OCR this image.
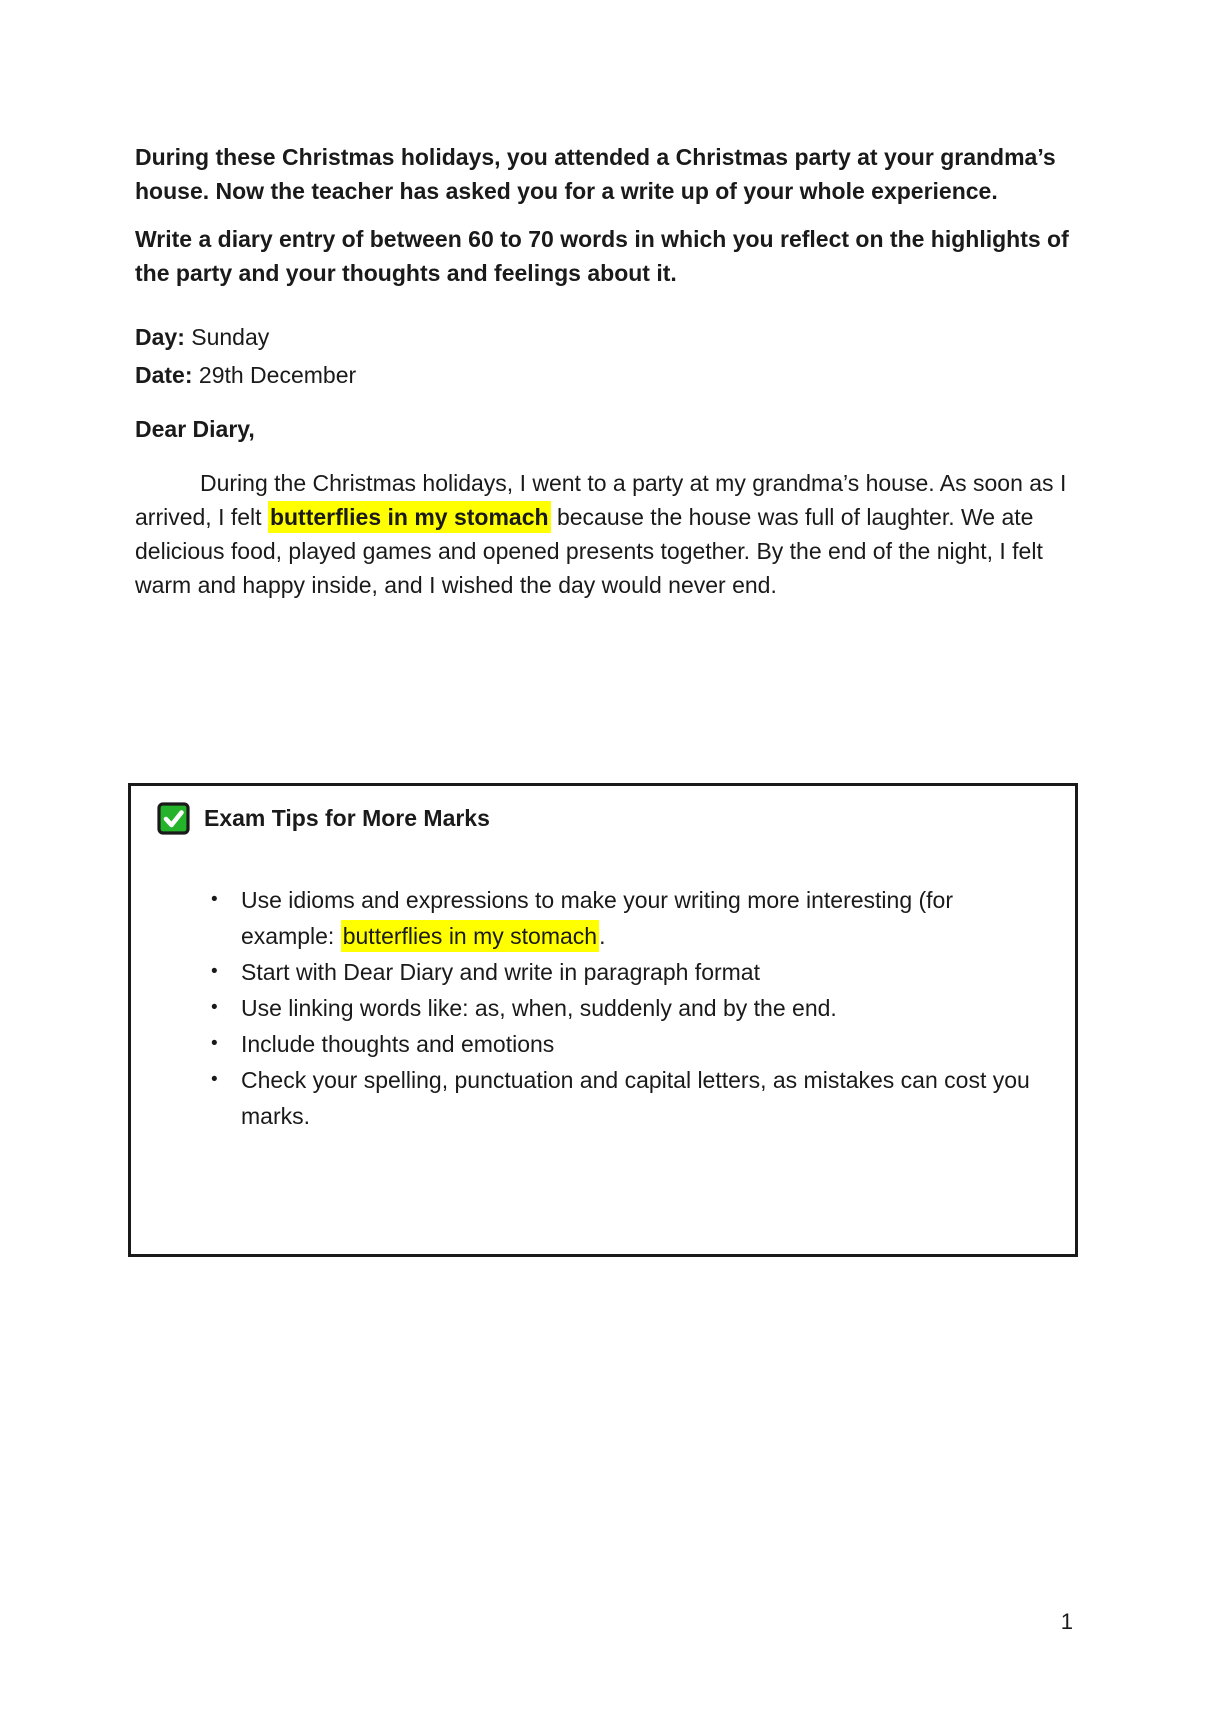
During these Christmas holidays, you attended a Christmas party at your grandma’s house. Now the teacher has asked you for a write up of your whole experience.

Write a diary entry of between 60 to 70 words in which you reflect on the highlights of the party and your thoughts and feelings about it.

Day: Sunday
Date: 29th December

Dear Diary,

During the Christmas holidays, I went to a party at my grandma’s house. As soon as I arrived, I felt butterflies in my stomach because the house was full of laughter. We ate delicious food, played games and opened presents together. By the end of the night, I felt warm and happy inside, and I wished the day would never end.

Exam Tips for More Marks
•	Use idioms and expressions to make your writing more interesting (for example: butterflies in my stomach.
•	Start with Dear Diary and write in paragraph format
•	Use linking words like: as, when, suddenly and by the end.
•	Include thoughts and emotions
•	Check your spelling, punctuation and capital letters, as mistakes can cost you marks.
1
